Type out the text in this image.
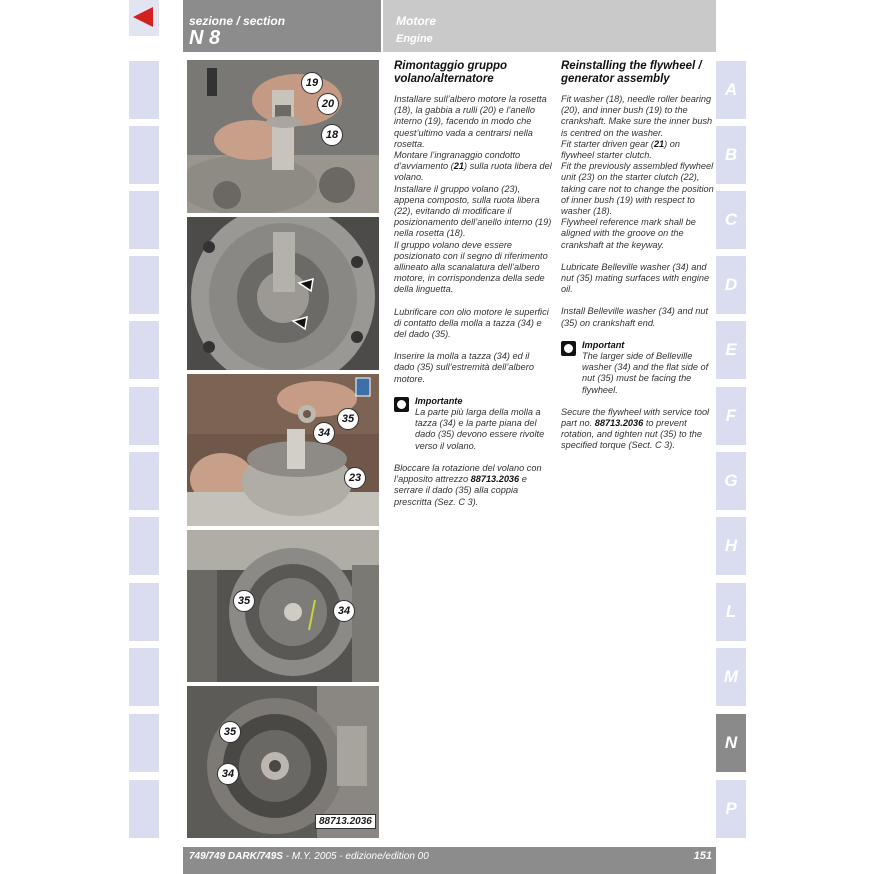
sezione / section
N 8
Motore
Engine
A
B
C
D
E
F
G
H
L
M
N
P
19
20
18
35
34
23
35
34
35
34
88713.2036
Rimontaggio gruppo
volano/alternatore

Installare sull’albero motore la rosetta (18), la gabbia a rulli (20) e l’anello interno (19), facendo in modo che quest’ultimo vada a centrarsi nella rosetta.
Montare l’ingranaggio condotto d’avviamento (21) sulla ruota libera del volano.
Installare il gruppo volano (23), appena composto, sulla ruota libera (22), evitando di modificare il posizionamento dell’anello interno (19) nella rosetta (18).
Il gruppo volano deve essere posizionato con il segno di riferimento allineato alla scanalatura dell’albero motore, in corrispondenza della sede della linguetta.

Lubrificare con olio motore le superfici di contatto della molla a tazza (34) e del dado (35).

Inserire la molla a tazza (34) ed il dado (35) sull’estremità dell’albero motore.

Importante

La parte più larga della molla a tazza (34) e la parte piana del dado (35) devono essere rivolte verso il volano.

Bloccare la rotazione del volano con l’apposito attrezzo 88713.2036 e serrare il dado (35) alla coppia prescritta (Sez. C 3).

Reinstalling the flywheel /
generator assembly

Fit washer (18), needle roller bearing (20), and inner bush (19) to the crankshaft. Make sure the inner bush is centred on the washer.
Fit starter driven gear (21) on flywheel starter clutch.
Fit the previously assembled flywheel unit (23) on the starter clutch (22), taking care not to change the position of inner bush (19) with respect to washer (18).
Flywheel reference mark shall be aligned with the groove on the crankshaft at the keyway.

Lubricate Belleville washer (34) and nut (35) mating surfaces with engine oil.

Install Belleville washer (34) and nut (35) on crankshaft end.

Important

The larger side of Belleville washer (34) and the flat side of nut (35) must be facing the flywheel.

Secure the flywheel with service tool part no. 88713.2036 to prevent rotation, and tighten nut (35) to the specified torque (Sect. C 3).

749/749 DARK/749S - M.Y. 2005 - edizione/edition 00	151
